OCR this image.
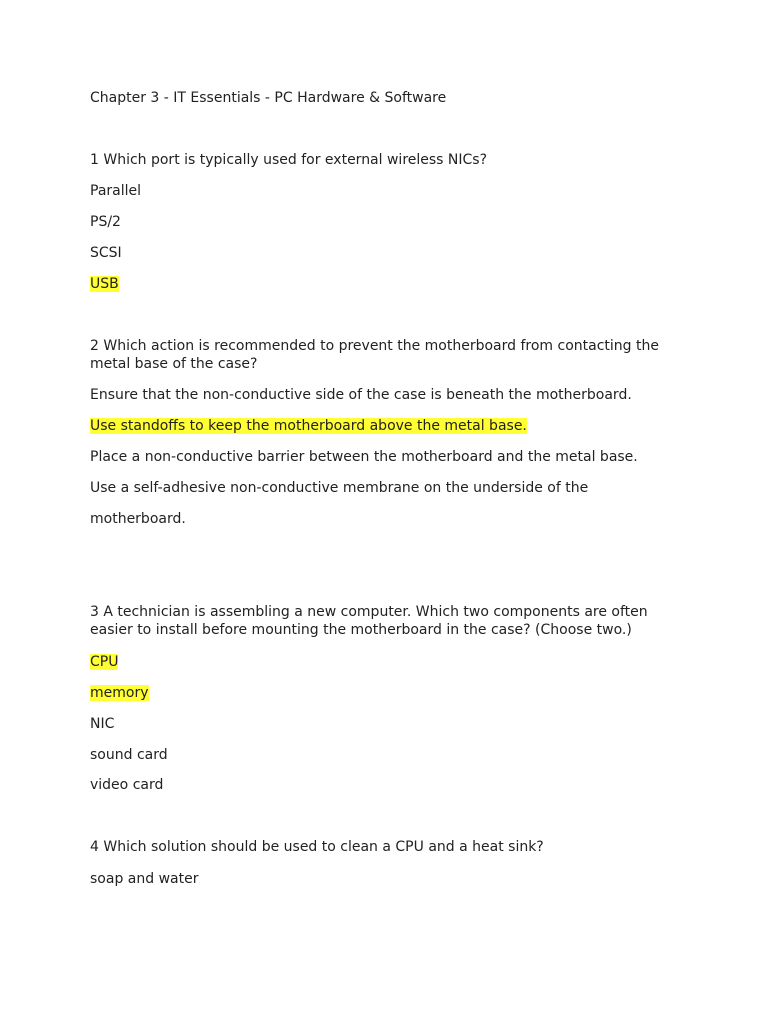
Chapter 3 - IT Essentials - PC Hardware & Software
1 Which port is typically used for external wireless NICs?
Parallel
PS/2
SCSI
USB
2 Which action is recommended to prevent the motherboard from contacting the
metal base of the case?
Ensure that the non-conductive side of the case is beneath the motherboard.
Use standoffs to keep the motherboard above the metal base.
Place a non-conductive barrier between the motherboard and the metal base.
Use a self-adhesive non-conductive membrane on the underside of the
motherboard.
3 A technician is assembling a new computer. Which two components are often
easier to install before mounting the motherboard in the case? (Choose two.)
CPU
memory
NIC
sound card
video card
4 Which solution should be used to clean a CPU and a heat sink?
soap and water
